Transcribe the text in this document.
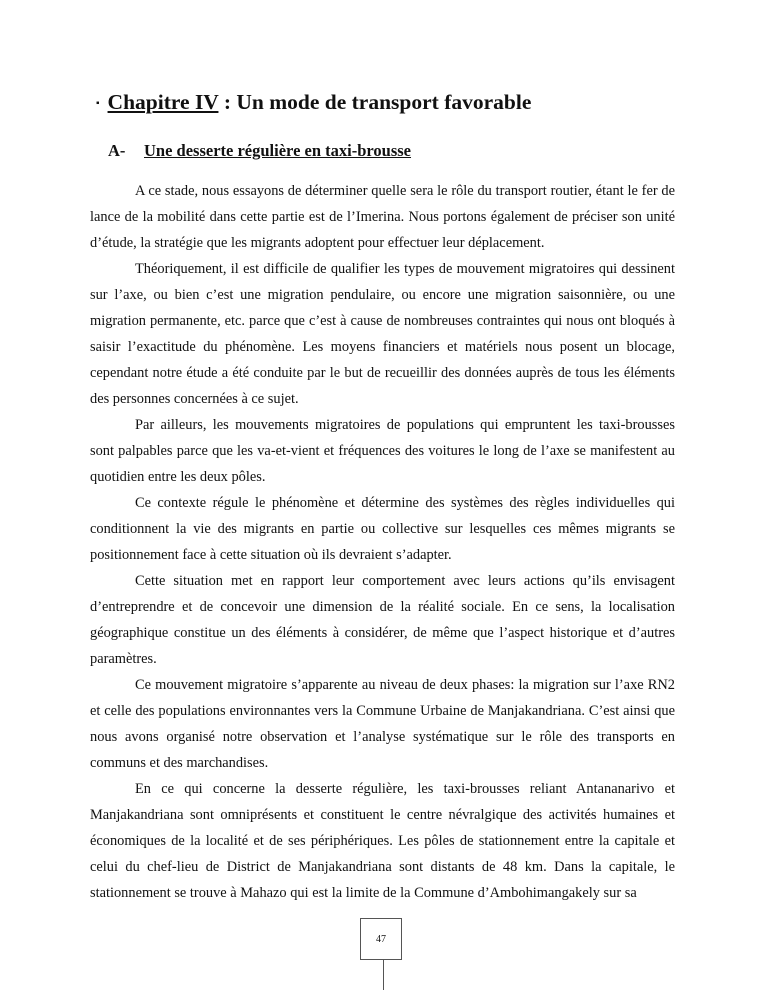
▪ Chapitre IV : Un mode de transport favorable
A- Une desserte régulière en taxi-brousse

A ce stade, nous essayons de déterminer quelle sera le rôle du transport routier, étant le fer de lance de la mobilité dans cette partie est de l’Imerina. Nous portons également de préciser son unité d’étude, la stratégie que les migrants adoptent pour effectuer leur déplacement.

Théoriquement, il est difficile de qualifier les types de mouvement migratoires qui dessinent sur l’axe, ou bien c’est une migration pendulaire, ou encore une migration saisonnière, ou une migration permanente, etc. parce que c’est à cause de nombreuses contraintes qui nous ont bloqués à saisir l’exactitude du phénomène. Les moyens financiers et matériels nous posent un blocage, cependant notre étude a été conduite par le but de recueillir des données auprès de tous les éléments des personnes concernées à ce sujet.

Par ailleurs, les mouvements migratoires de populations qui empruntent les taxi-brousses sont palpables parce que les va-et-vient et fréquences des voitures le long de l’axe se manifestent au quotidien entre les deux pôles.

Ce contexte régule le phénomène et détermine des systèmes des règles individuelles qui conditionnent la vie des migrants en partie ou collective sur lesquelles ces mêmes migrants se positionnement face à cette situation où ils devraient s’adapter.

Cette situation met en rapport leur comportement avec leurs actions qu’ils envisagent d’entreprendre et de concevoir une dimension de la réalité sociale. En ce sens, la localisation géographique constitue un des éléments à considérer, de même que l’aspect historique et d’autres paramètres.

Ce mouvement migratoire s’apparente au niveau de deux phases: la migration sur l’axe RN2 et celle des populations environnantes vers la Commune Urbaine de Manjakandriana. C’est ainsi que nous avons organisé notre observation et l’analyse systématique sur le rôle des transports en communs et des marchandises.

En ce qui concerne la desserte régulière, les taxi-brousses reliant Antananarivo et Manjakandriana sont omniprésents et constituent le centre névralgique des activités humaines et économiques de la localité et de ses périphériques. Les pôles de stationnement entre la capitale et celui du chef-lieu de District de Manjakandriana sont distants de 48 km. Dans la capitale, le stationnement se trouve à Mahazo qui est la limite de la Commune d’Ambohimangakely sur sa

47
